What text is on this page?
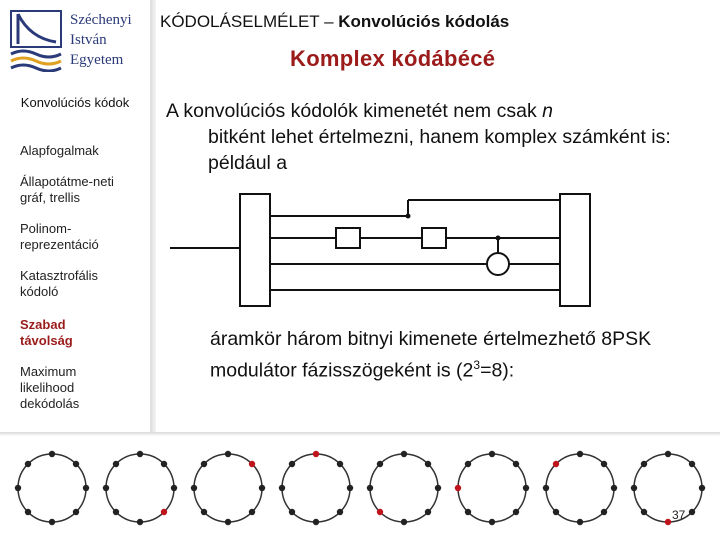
Széchenyi
István
Egyetem
KÓDOLÁSELMÉLET – Konvolúciós kódolás
Komplex kódábécé
Konvolúciós kódok
Alapfogalmak
Állapotátme-neti gráf, trellis
Polinom-reprezentáció
Katasztrofális kódoló
Szabad távolság
Maximum likelihood dekódolás
A konvolúciós kódolók kimenetét nem csak n
bitként lehet értelmezni, hanem komplex számként is: például a
áramkör három bitnyi kimenete értelmezhető 8PSK modulátor fázisszögeként is $(2^3=8)$:
37
